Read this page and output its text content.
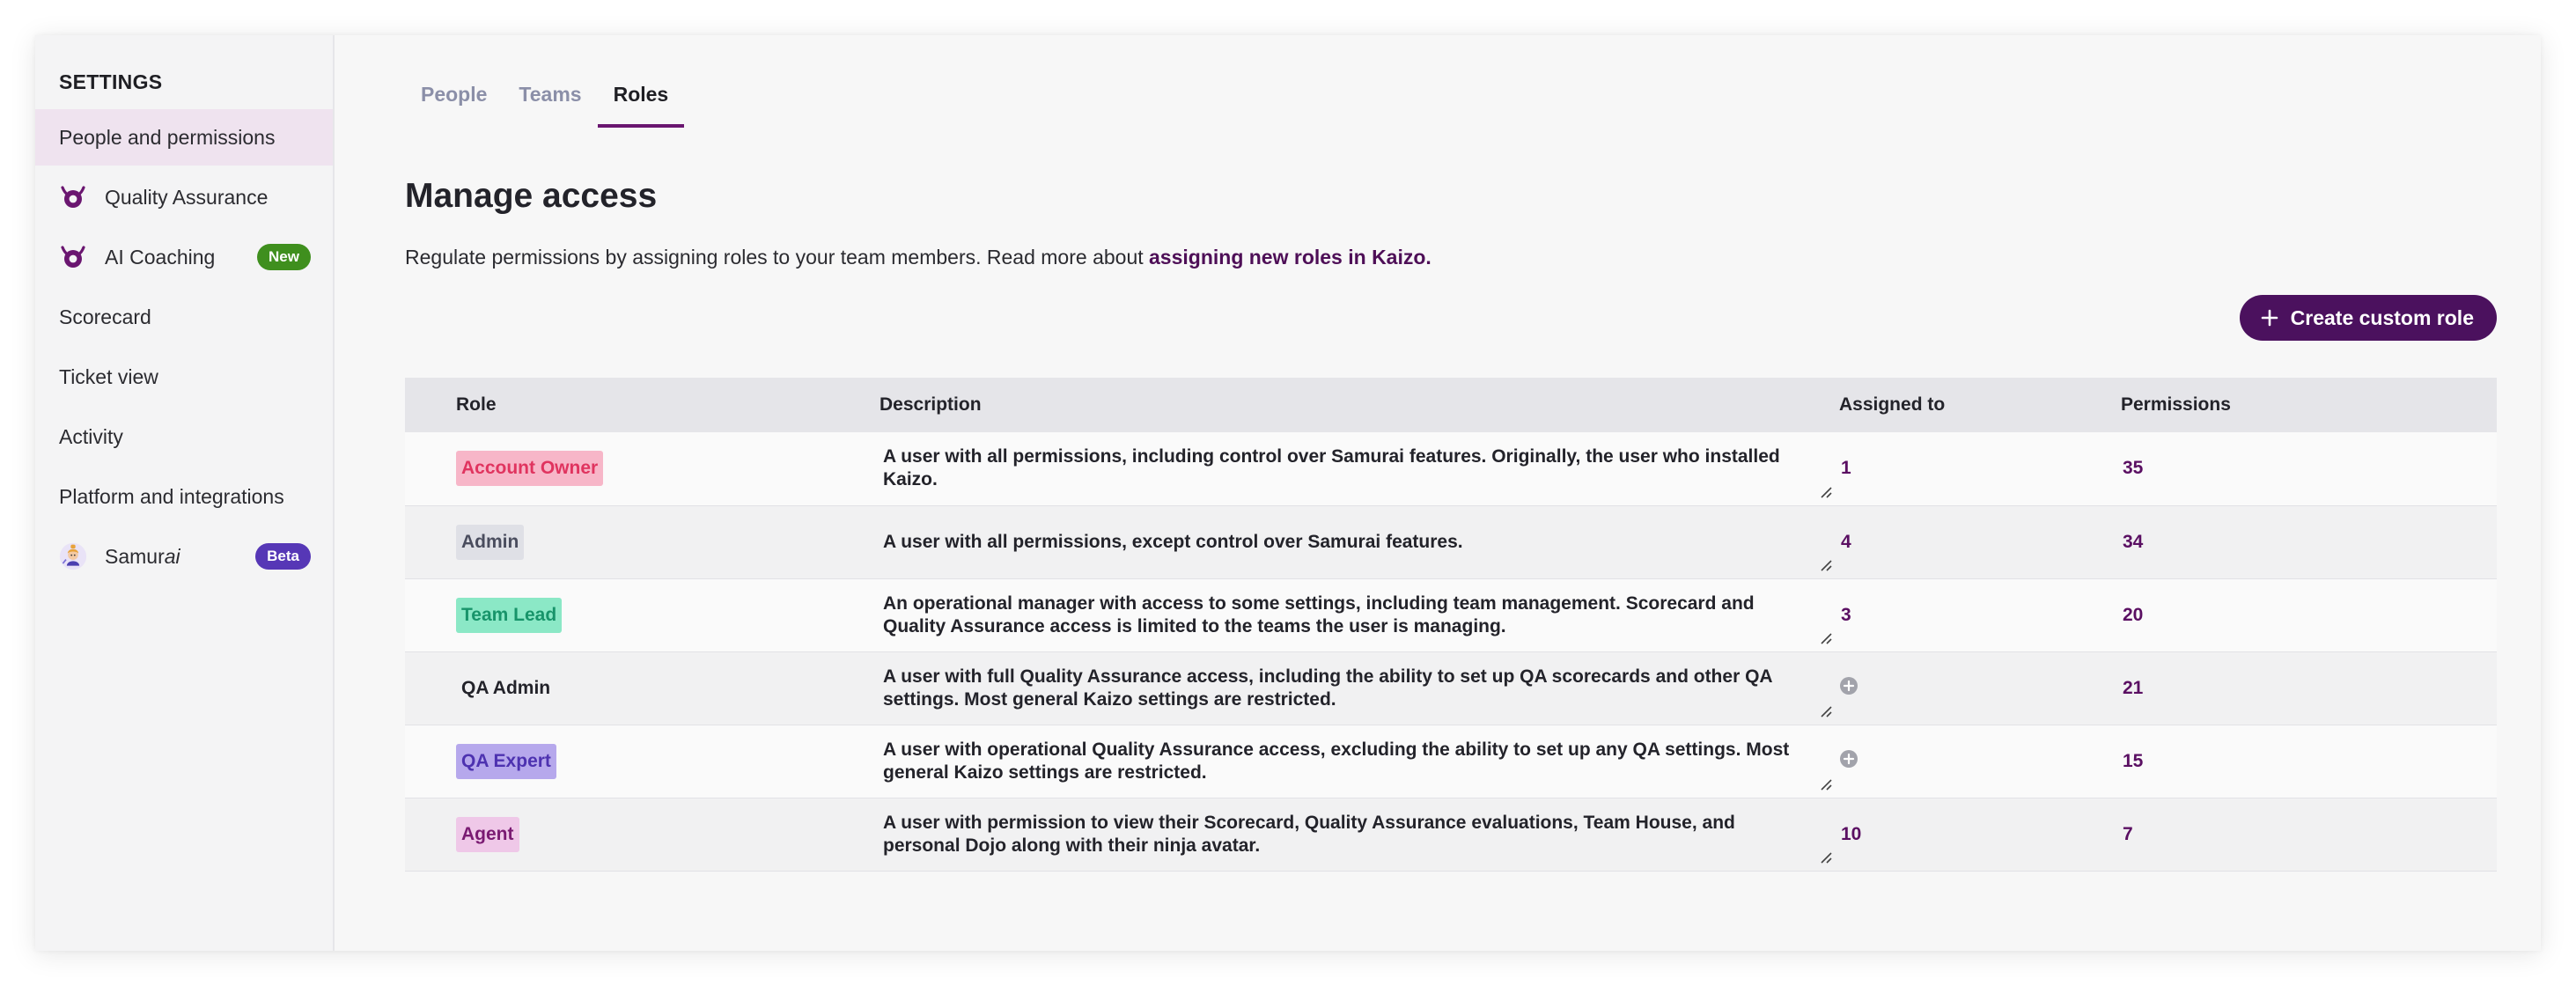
SETTINGS
People and permissions
Quality Assurance
AI Coaching	New
Scorecard
Ticket view
Activity
Platform and integrations
Samurai	Beta
People	Teams	Roles
Manage access

Regulate permissions by assigning roles to your team members. Read more about assigning new roles in Kaizo.

Create custom role
Role	Description	Assigned to	Permissions
Account Owner	A user with all permissions, including control over Samurai features. Originally, the user who installed Kaizo.	1	35
Admin	A user with all permissions, except control over Samurai features.	4	34
Team Lead	An operational manager with access to some settings, including team management. Scorecard and Quality Assurance access is limited to the teams the user is managing.	3	20
QA Admin	A user with full Quality Assurance access, including the ability to set up QA scorecards and other QA settings. Most general Kaizo settings are restricted.		21
QA Expert	A user with operational Quality Assurance access, excluding the ability to set up any QA settings. Most general Kaizo settings are restricted.		15
Agent	A user with permission to view their Scorecard, Quality Assurance evaluations, Team House, and personal Dojo along with their ninja avatar.	10	7
